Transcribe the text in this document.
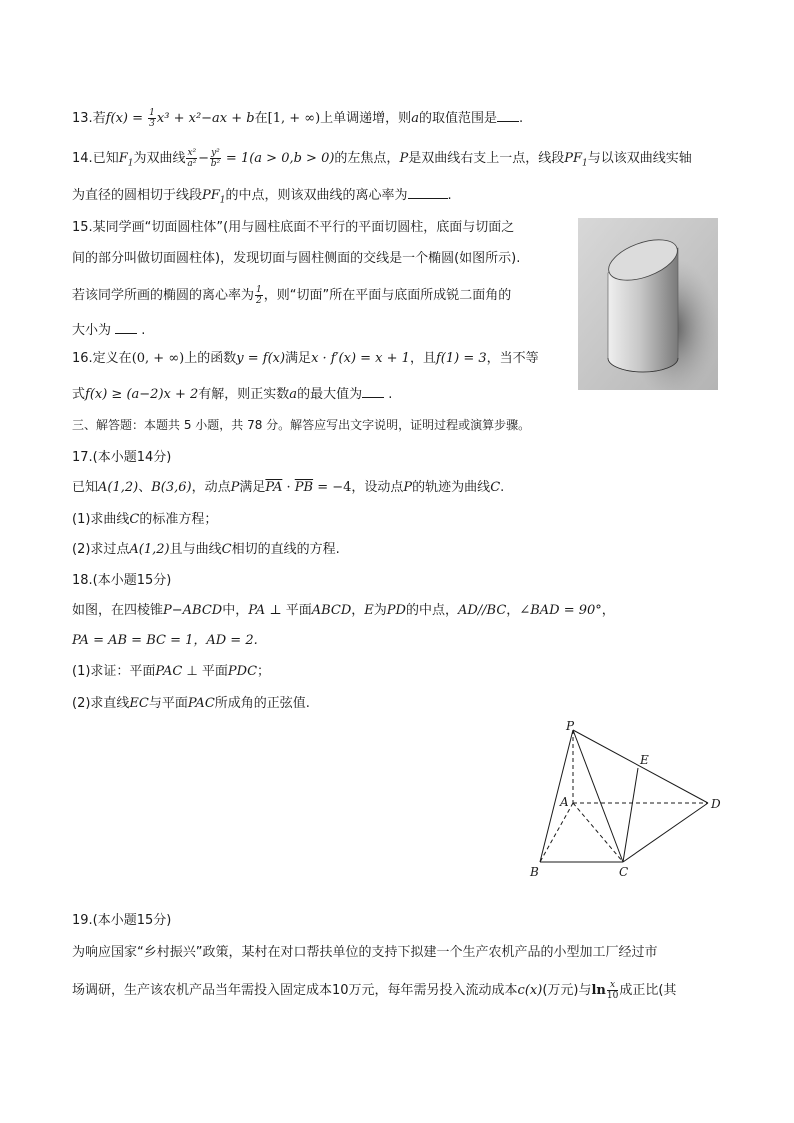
13.若$f(x) = \frac{1}{3} x^3 + x^2-ax + b$在[1, + ∞)上单调递增，则a的取值范围是 .
14.已知$F_1$为双曲线 $\frac{\text{x²}}{\text{a²}} - \frac{\text{y²}}{\text{b²}} = 1(a > 0,b > 0)$的左焦点，P是双曲线右支上一点，线段$PF_1$与以该双曲线实轴
为直径的圆相切于线段$PF_1$的中点，则该双曲线的离心率为	.
15.某同学画“切面圆柱体”(用与圆柱底面不平行的平面切圆柱，底面与切面之
间的部分叫做切面圆柱体)，发现切面与圆柱侧面的交线是一个椭圆(如图所示).
若该同学所画的椭圆的离心率为 $\frac{1}{2}$ ，则“切面”所在平面与底面所成锐二面角的
大小为 .
16.定义在(0, + ∞)上的函数y = f(x)满足x · f′(x) = x + 1，且f(1) = 3，当不等
式f(x) ≥ (a−2)x + 2有解，则正实数a的最大值为 .
三、解答题：本题共 5 小题，共 78 分。解答应写出文字说明，证明过程或演算步骤。
17.(本小题14分)
已知A(1,2)、B(3,6)，动点P满足$\overline{PA} \cdot \overline{PB} = -4$，设动点P的轨迹为曲线C.
(1)求曲线C的标准方程；
(2)求过点A(1,2)且与曲线C相切的直线的方程.
18.(本小题15分)
如图，在四棱锥P−ABCD中，PA ⊥ 平面ABCD，E为PD的中点，AD//BC，∠BAD = 90°，
PA = AB = BC = 1，AD = 2.
(1)求证：平面PAC ⊥ 平面PDC；
(2)求直线EC与平面PAC所成角的正弦值.
P
E
A	D
B	C
19.(本小题15分)
为响应国家“乡村振兴”政策，某村在对口帮扶单位的支持下拟建一个生产农机产品的小型加工厂经过市
场调研，生产该农机产品当年需投入固定成本10万元，每年需另投入流动成本c(x)(万元)与$\ln \frac{x}{10}$ 成正比(其
